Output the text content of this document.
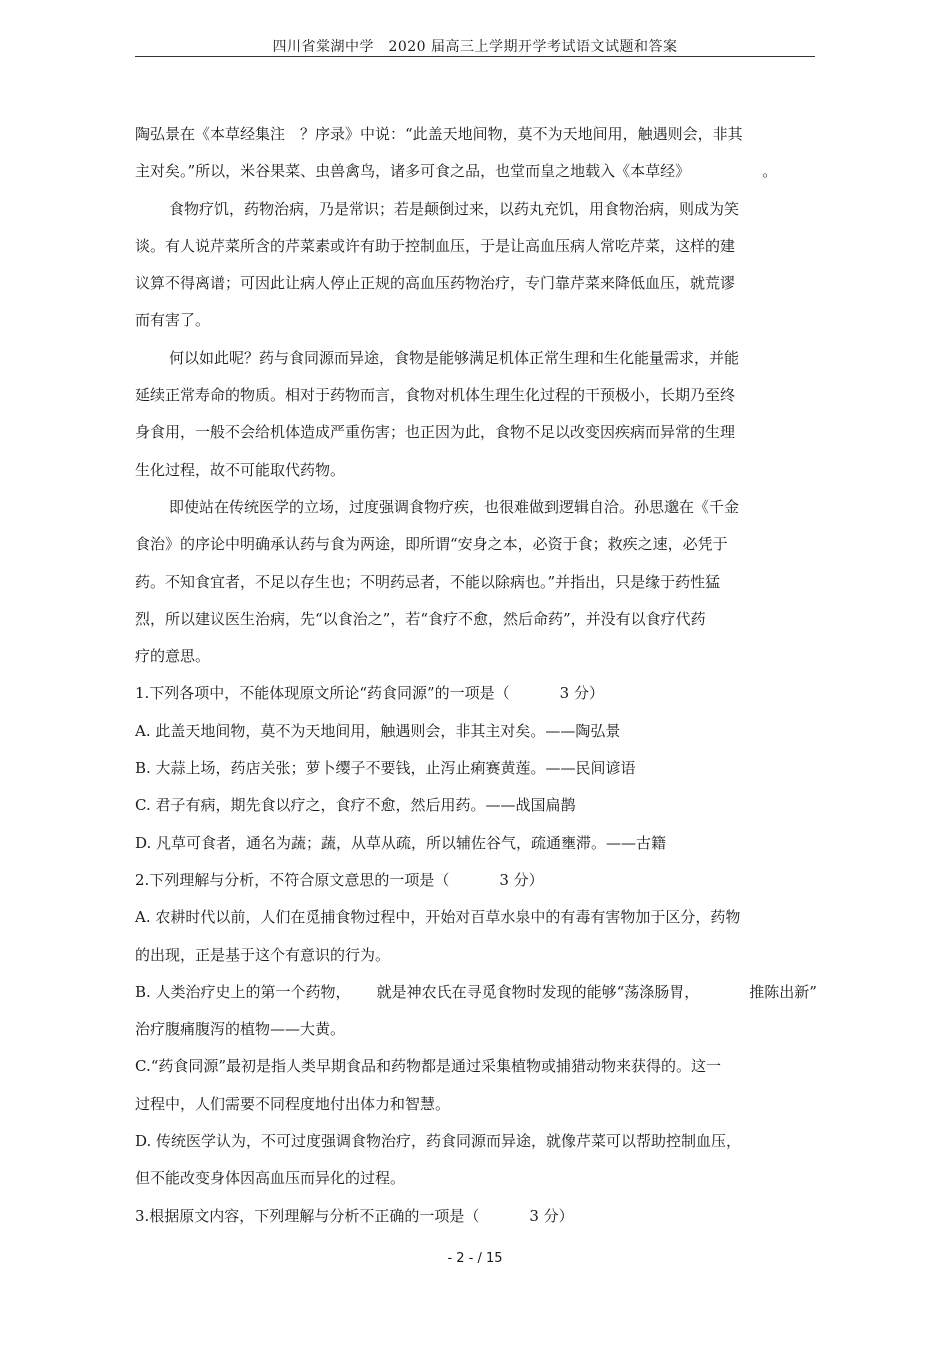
四川省棠湖中学　2020 届高三上学期开学考试语文试题和答案
陶弘景在《本草经集注　？序录》中说：“此盖天地间物，莫不为天地间用，触遇则会，非其
主对矣。”所以，米谷果菜、虫兽禽鸟，诸多可食之品，也堂而皇之地载入《本草经》	。
食物疗饥，药物治病，乃是常识；若是颠倒过来，以药丸充饥，用食物治病，则成为笑
谈。有人说芹菜所含的芹菜素或许有助于控制血压，于是让高血压病人常吃芹菜，这样的建
议算不得离谱；可因此让病人停止正规的高血压药物治疗，专门靠芹菜来降低血压，就荒谬
而有害了。
何以如此呢？药与食同源而异途，食物是能够满足机体正常生理和生化能量需求，并能
延续正常寿命的物质。相对于药物而言，食物对机体生理生化过程的干预极小，长期乃至终
身食用，一般不会给机体造成严重伤害；也正因为此，食物不足以改变因疾病而异常的生理
生化过程，故不可能取代药物。
即使站在传统医学的立场，过度强调食物疗疾，也很难做到逻辑自洽。孙思邈在《千金
食治》的序论中明确承认药与食为两途，即所谓“安身之本，必资于食；救疾之速，必凭于
药。不知食宜者，不足以存生也；不明药忌者，不能以除病也。”并指出，只是缘于药性猛
烈，所以建议医生治病，先“以食治之”，若“食疗不愈，然后命药”，并没有以食疗代药
疗的意思。
1.下列各项中，不能体现原文所论“药食同源”的一项是（	3 分）
A. 此盖天地间物，莫不为天地间用，触遇则会，非其主对矣。——陶弘景
B. 大蒜上场，药店关张；萝卜缨子不要钱，止泻止痢赛黄莲。——民间谚语
C. 君子有病，期先食以疗之，食疗不愈，然后用药。——战国扁鹊
D. 凡草可食者，通名为蔬；蔬，从草从疏，所以辅佐谷气，疏通壅滞。——古籍
2.下列理解与分析，不符合原文意思的一项是（	3 分）
A. 农耕时代以前，人们在觅捕食物过程中，开始对百草水泉中的有毒有害物加于区分，药物
的出现，正是基于这个有意识的行为。
B. 人类治疗史上的第一个药物， 就是神农氏在寻觅食物时发现的能够“荡涤肠胃，	推陈出新”
治疗腹痛腹泻的植物——大黄。
C.“药食同源”最初是指人类早期食品和药物都是通过采集植物或捕猎动物来获得的。这一
过程中，人们需要不同程度地付出体力和智慧。
D. 传统医学认为，不可过度强调食物治疗，药食同源而异途，就像芹菜可以帮助控制血压，
但不能改变身体因高血压而异化的过程。
3.根据原文内容，下列理解与分析不正确的一项是（	3 分）
- 2 - / 15
